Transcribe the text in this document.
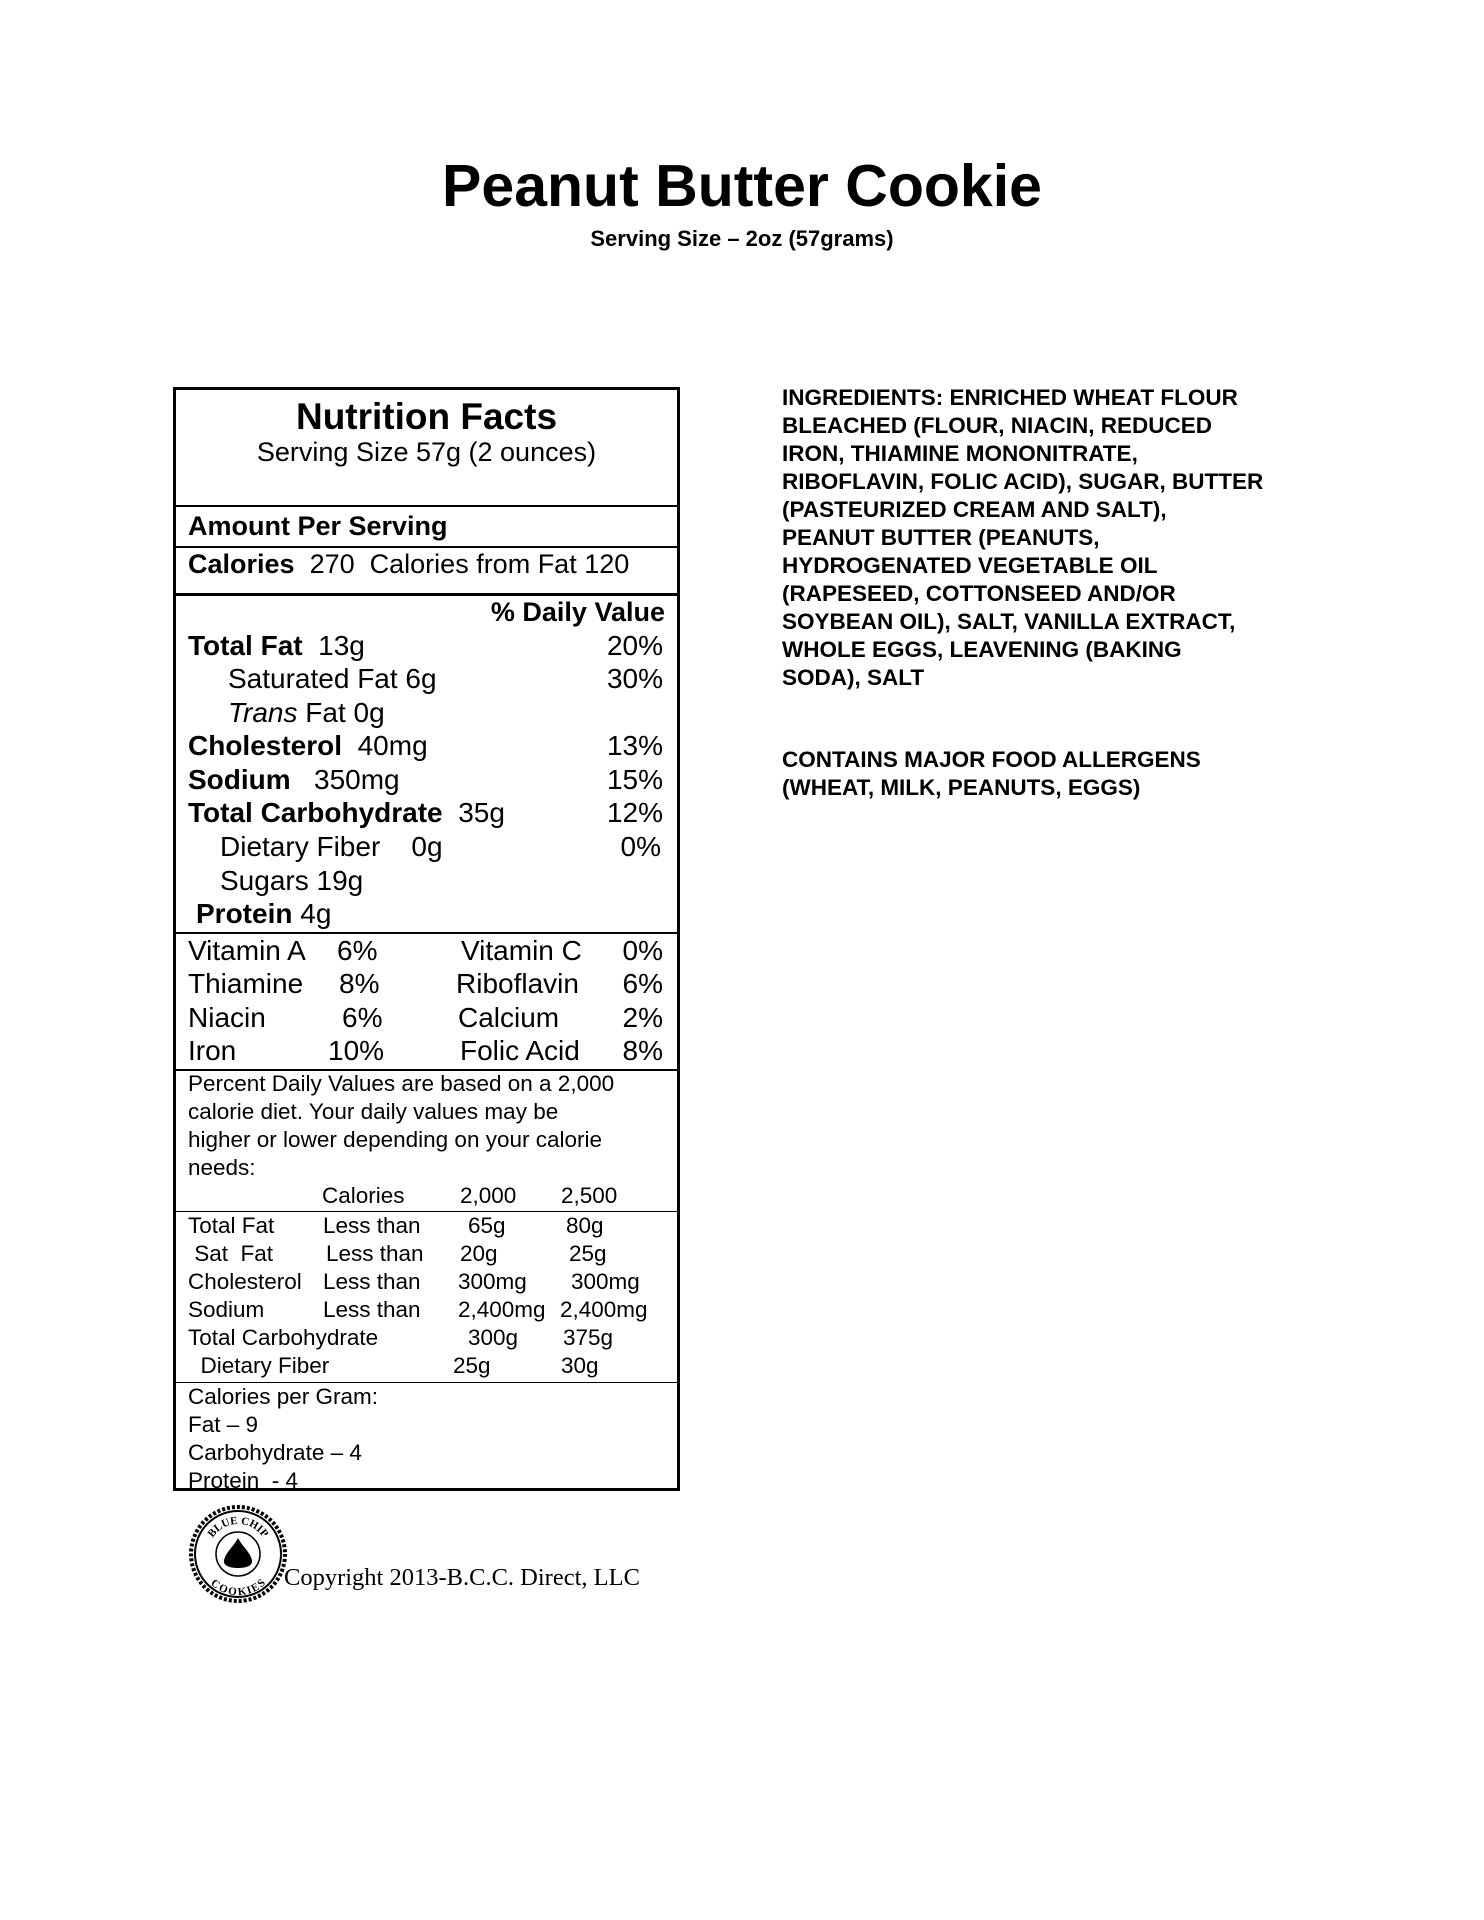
Peanut Butter Cookie
Serving Size – 2oz (57grams)
Nutrition Facts
Serving Size 57g (2 ounces)
Amount Per Serving
Calories 270 Calories from Fat 120
% Daily Value
Total Fat 13g	20%
Saturated Fat 6g	30%
Trans Fat 0g
Cholesterol 40mg	13%
Sodium 350mg	15%
Total Carbohydrate 35g	12%
Dietary Fiber 0g	0%
Sugars 19g
Protein 4g
Vitamin A 6%	Vitamin C 0%
Thiamine 8%	Riboflavin 6%
Niacin	6%	Calcium 2%
Iron	10%	Folic Acid 8%
Percent Daily Values are based on a 2,000
calorie diet. Your daily values may be
higher or lower depending on your calorie
needs:
Calories 2,000 2,500
Total Fat Less than 65g	80g
Sat  Fat Less than 20g	25g
Cholesterol Less than 300mg 300mg
Sodium	Less than 2,400mg 2,400mg
Total Carbohydrate	300g 375g
Dietary Fiber	25g	30g
Calories per Gram:
Fat – 9
Carbohydrate – 4
Protein  - 4
INGREDIENTS: ENRICHED WHEAT FLOUR
BLEACHED (FLOUR, NIACIN, REDUCED
IRON, THIAMINE MONONITRATE,
RIBOFLAVIN, FOLIC ACID), SUGAR, BUTTER
(PASTEURIZED CREAM AND SALT),
PEANUT BUTTER (PEANUTS,
HYDROGENATED VEGETABLE OIL
(RAPESEED, COTTONSEED AND/OR
SOYBEAN OIL), SALT, VANILLA EXTRACT,
WHOLE EGGS, LEAVENING (BAKING
SODA), SALT
CONTAINS MAJOR FOOD ALLERGENS
(WHEAT, MILK, PEANUTS, EGGS)
BLUE CHIP
COOKIES Copyright 2013-B.C.C. Direct, LLC
